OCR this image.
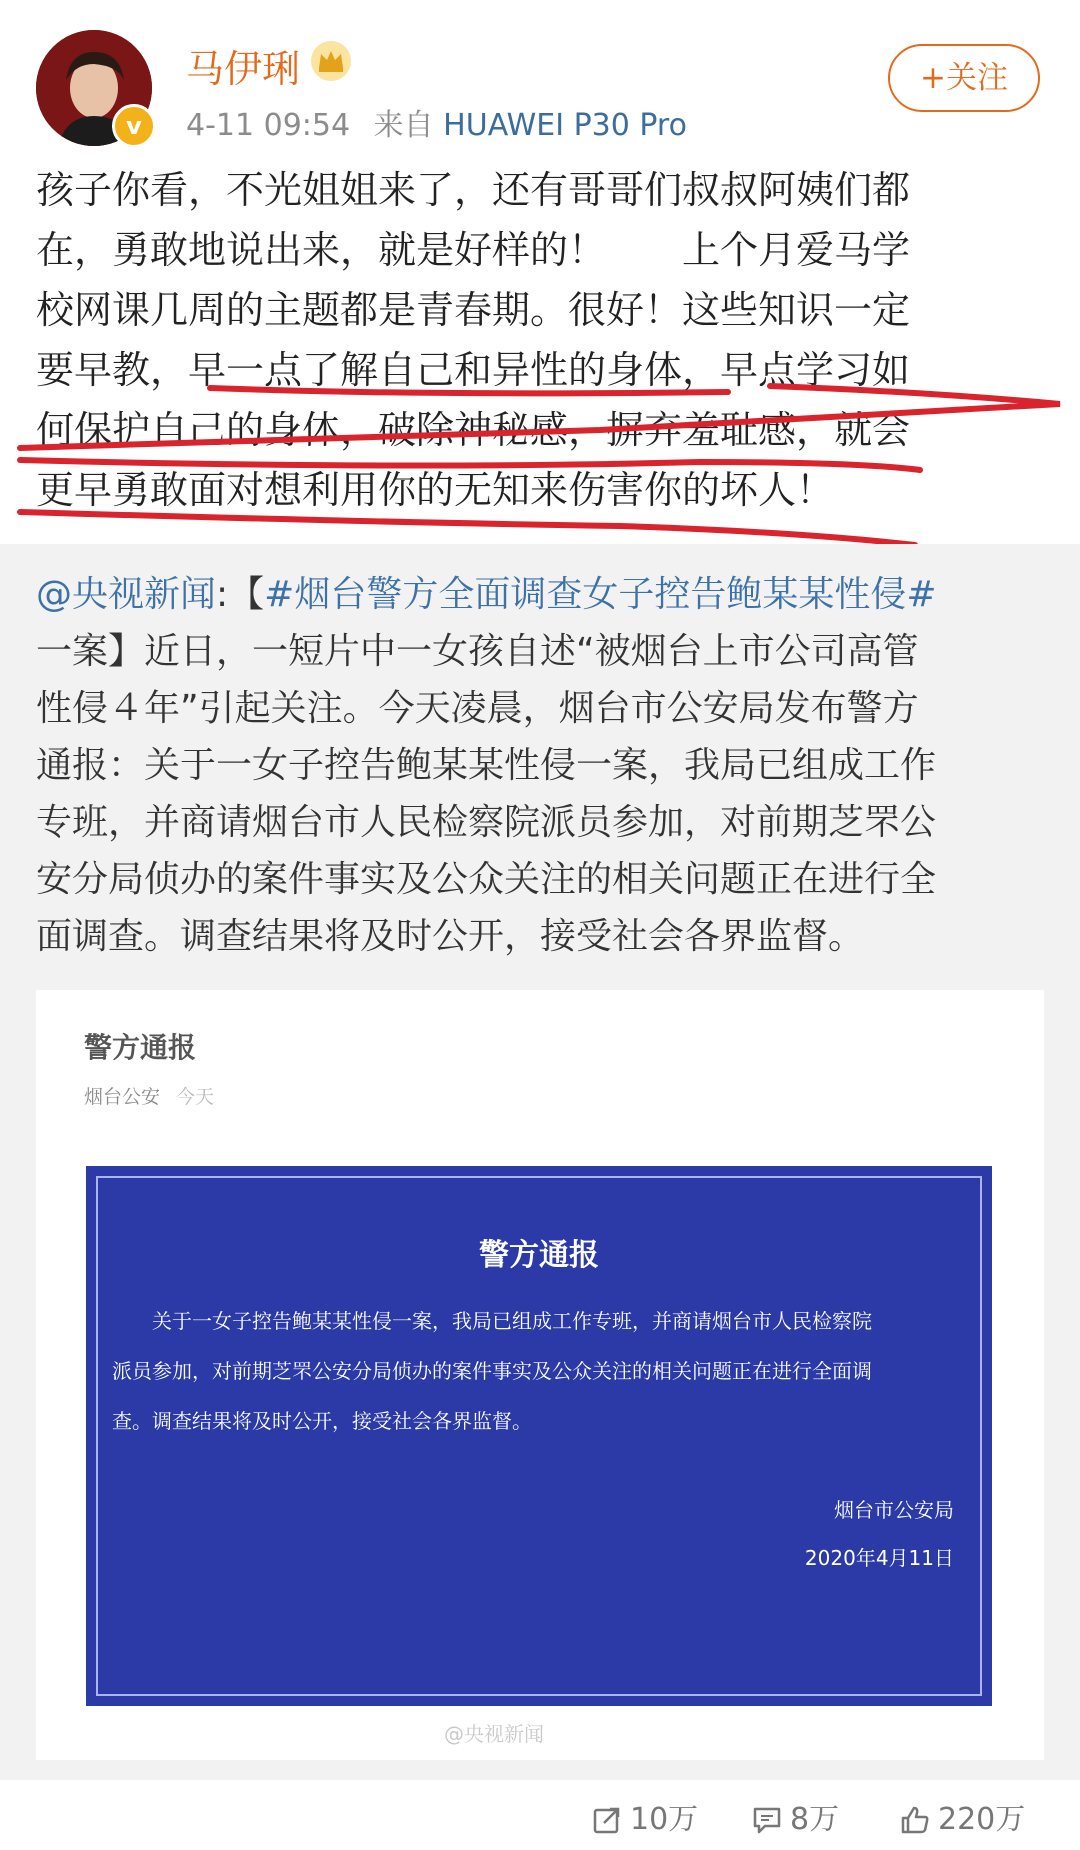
v
马伊琍
4-11 09:54 来自 HUAWEI P30 Pro
+关注
孩子你看，不光姐姐来了，还有哥哥们叔叔阿姨们都
在，勇敢地说出来，就是好样的！　　上个月爱马学
校网课几周的主题都是青春期。很好！这些知识一定
要早教，早一点了解自己和异性的身体，早点学习如
何保护自己的身体，破除神秘感，摒弃羞耻感，就会
更早勇敢面对想利用你的无知来伤害你的坏人！
@央视新闻:【#烟台警方全面调查女子控告鲍某某性侵#
一案】近日，一短片中一女孩自述“被烟台上市公司高管
性侵４年”引起关注。今天凌晨，烟台市公安局发布警方
通报：关于一女子控告鲍某某性侵一案，我局已组成工作
专班，并商请烟台市人民检察院派员参加，对前期芝罘公
安分局侦办的案件事实及公众关注的相关问题正在进行全
面调查。调查结果将及时公开，接受社会各界监督。
警方通报
烟台公安 今天
警方通报
　　关于一女子控告鲍某某性侵一案，我局已组成工作专班，并商请烟台市人民检察院
派员参加，对前期芝罘公安分局侦办的案件事实及公众关注的相关问题正在进行全面调
查。调查结果将及时公开，接受社会各界监督。
烟台市公安局
2020年4月11日
@央视新闻
10万	8万	220万
